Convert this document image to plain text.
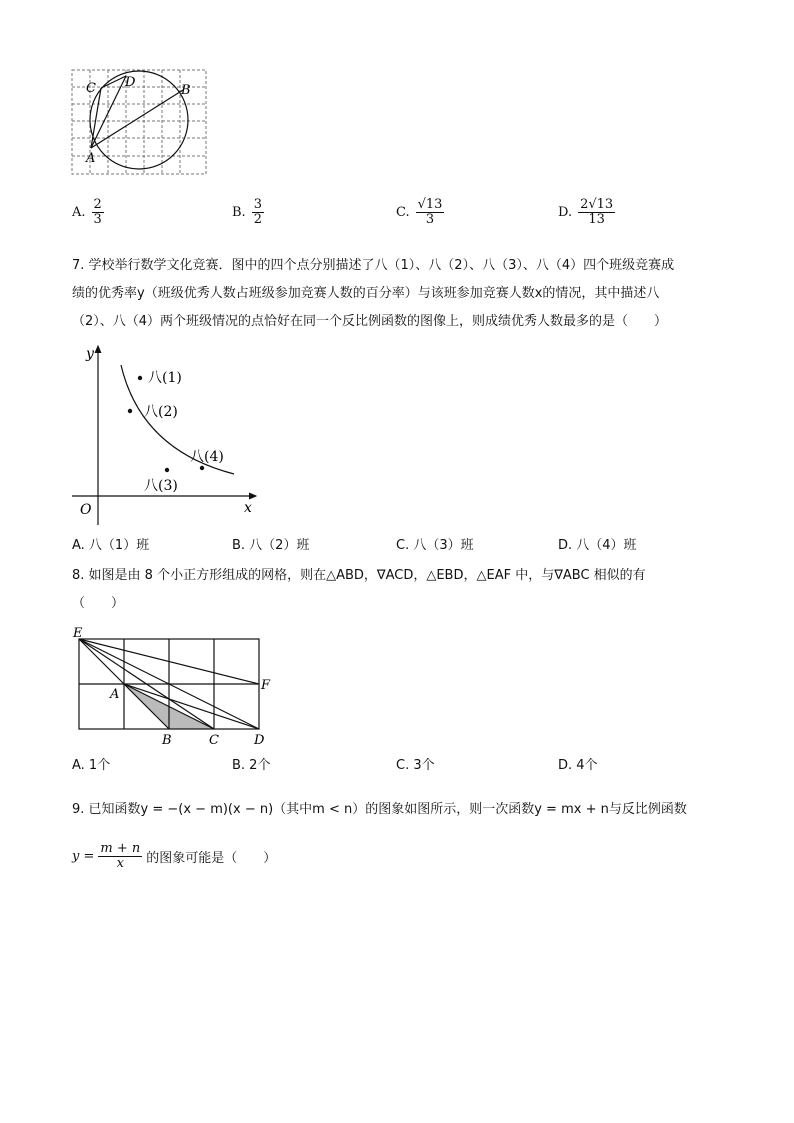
C D
B
A
A. $\frac{2}{3}$	B. $\frac{3}{2}$	C. $\frac{√13}{3}$	D. $\frac{2√13}{13}$
7. 学校举行数学文化竞赛．图中的四个点分别描述了八（1）、八（2）、八（3）、八（4）四个班级竞赛成
绩的优秀率y（班级优秀人数占班级参加竞赛人数的百分率）与该班参加竞赛人数x的情况，其中描述八
（2）、八（4）两个班级情况的点恰好在同一个反比例函数的图像上，则成绩优秀人数最多的是（　　）
y
x
O
八(1)
八(2)
八(3)
八(4)
A. 八（1）班	B. 八（2）班	C. 八（3）班	D. 八（4）班
8. 如图是由 8 个小正方形组成的网格，则在△ABD，∇ACD，△EBD，△EAF 中，与∇ABC 相似的有
（　　）
E
F
A
B	C	D
A. 1个	B. 2个	C. 3个	D. 4个
9. 已知函数y = −(x − m)(x − n)（其中m < n）的图象如图所示，则一次函数y = mx + n与反比例函数
$y = \frac{m + n}{x}$ 的图象可能是（　　）
